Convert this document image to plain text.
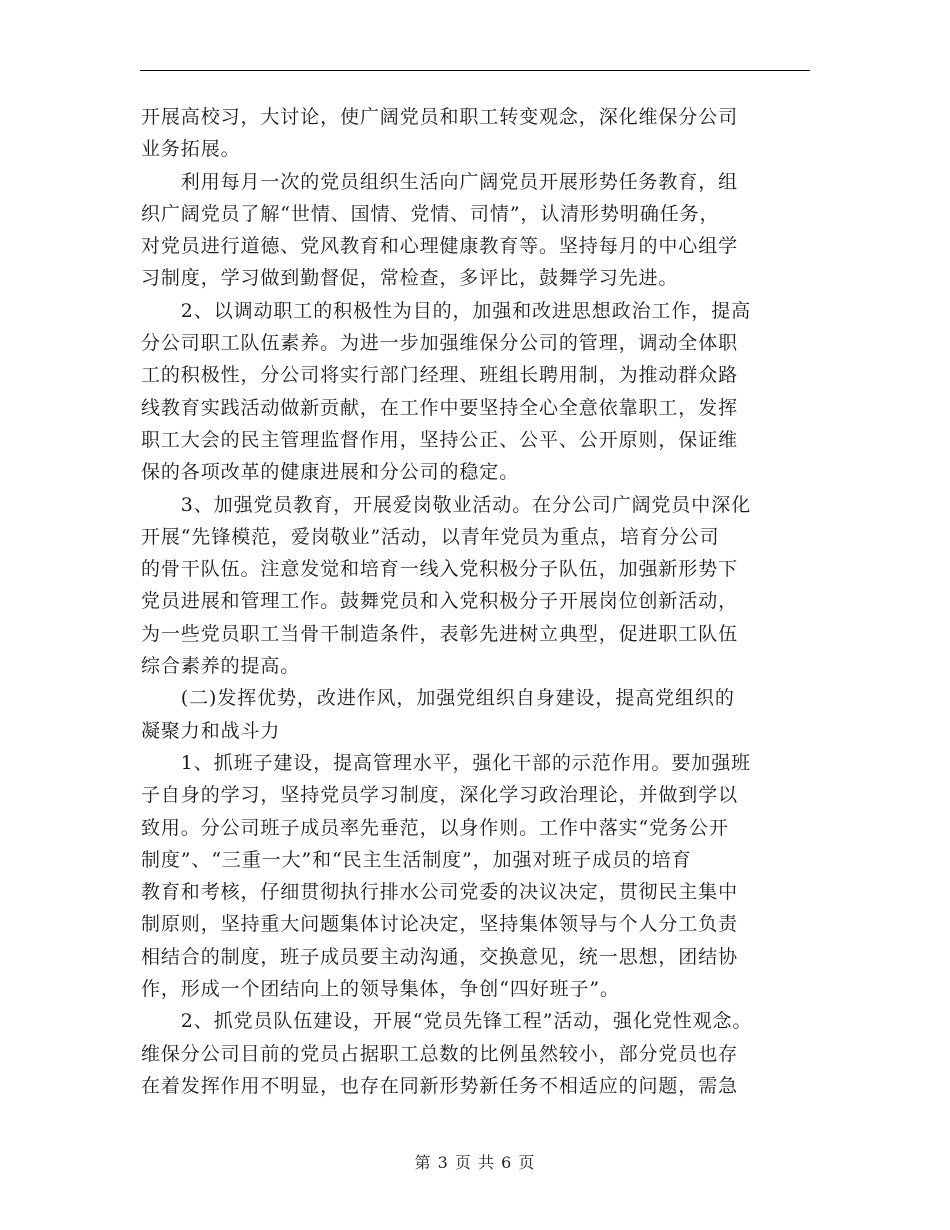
开展高校习，大讨论，使广阔党员和职工转变观念，深化维保分公司
业务拓展。
　　利用每月一次的党员组织生活向广阔党员开展形势任务教育，组
织广阔党员了解“世情、国情、党情、司情”，认清形势明确任务，
对党员进行道德、党风教育和心理健康教育等。坚持每月的中心组学
习制度，学习做到勤督促，常检查，多评比，鼓舞学习先进。
　　2、以调动职工的积极性为目的，加强和改进思想政治工作，提高
分公司职工队伍素养。为进一步加强维保分公司的管理，调动全体职
工的积极性，分公司将实行部门经理、班组长聘用制，为推动群众路
线教育实践活动做新贡献，在工作中要坚持全心全意依靠职工，发挥
职工大会的民主管理监督作用，坚持公正、公平、公开原则，保证维
保的各项改革的健康进展和分公司的稳定。
　　3、加强党员教育，开展爱岗敬业活动。在分公司广阔党员中深化
开展“先锋模范，爱岗敬业”活动，以青年党员为重点，培育分公司
的骨干队伍。注意发觉和培育一线入党积极分子队伍，加强新形势下
党员进展和管理工作。鼓舞党员和入党积极分子开展岗位创新活动，
为一些党员职工当骨干制造条件，表彰先进树立典型，促进职工队伍
综合素养的提高。
　　(二)发挥优势，改进作风，加强党组织自身建设，提高党组织的
凝聚力和战斗力
　　1、抓班子建设，提高管理水平，强化干部的示范作用。要加强班
子自身的学习，坚持党员学习制度，深化学习政治理论，并做到学以
致用。分公司班子成员率先垂范，以身作则。工作中落实“党务公开
制度”、“三重一大”和“民主生活制度”，加强对班子成员的培育
教育和考核，仔细贯彻执行排水公司党委的决议决定，贯彻民主集中
制原则，坚持重大问题集体讨论决定，坚持集体领导与个人分工负责
相结合的制度，班子成员要主动沟通，交换意见，统一思想，团结协
作，形成一个团结向上的领导集体，争创“四好班子”。
　　2、抓党员队伍建设，开展“党员先锋工程”活动，强化党性观念。
维保分公司目前的党员占据职工总数的比例虽然较小，部分党员也存
在着发挥作用不明显，也存在同新形势新任务不相适应的问题，需急
第 3 页 共 6 页
